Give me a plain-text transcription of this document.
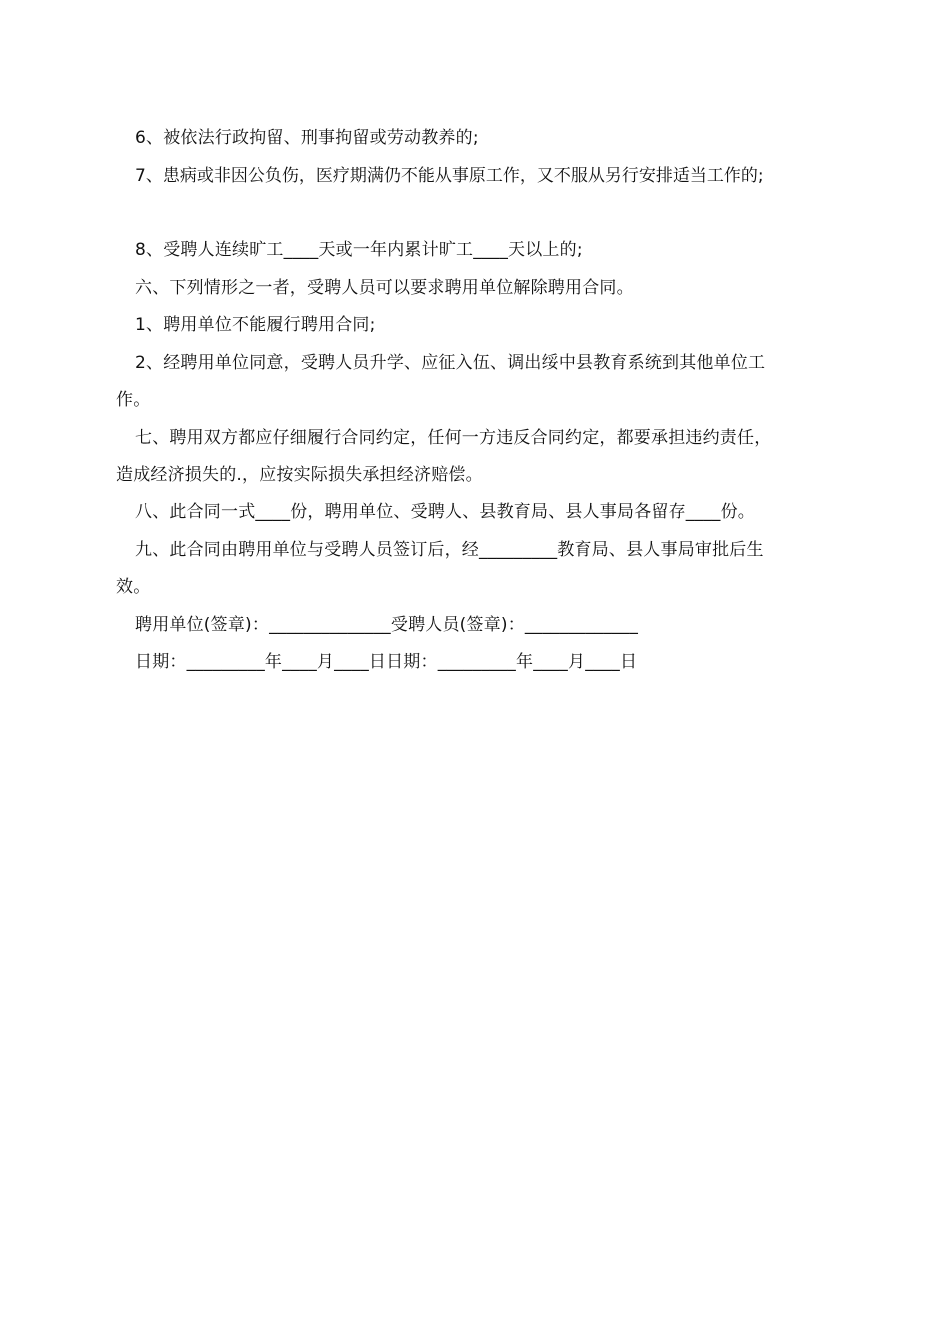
6、被依法行政拘留、刑事拘留或劳动教养的;
7、患病或非因公负伤，医疗期满仍不能从事原工作，又不服从另行安排适当工作的;
8、受聘人连续旷工____天或一年内累计旷工____天以上的;
六、下列情形之一者，受聘人员可以要求聘用单位解除聘用合同。
1、聘用单位不能履行聘用合同;
2、经聘用单位同意，受聘人员升学、应征入伍、调出绥中县教育系统到其他单位工
作。
七、聘用双方都应仔细履行合同约定，任何一方违反合同约定，都要承担违约责任，
造成经济损失的.，应按实际损失承担经济赔偿。
八、此合同一式____份，聘用单位、受聘人、县教育局、县人事局各留存____份。
九、此合同由聘用单位与受聘人员签订后，经_________教育局、县人事局审批后生
效。
聘用单位(签章)：______________受聘人员(签章)：_____________
日期：_________年____月____日日期：_________年____月____日
